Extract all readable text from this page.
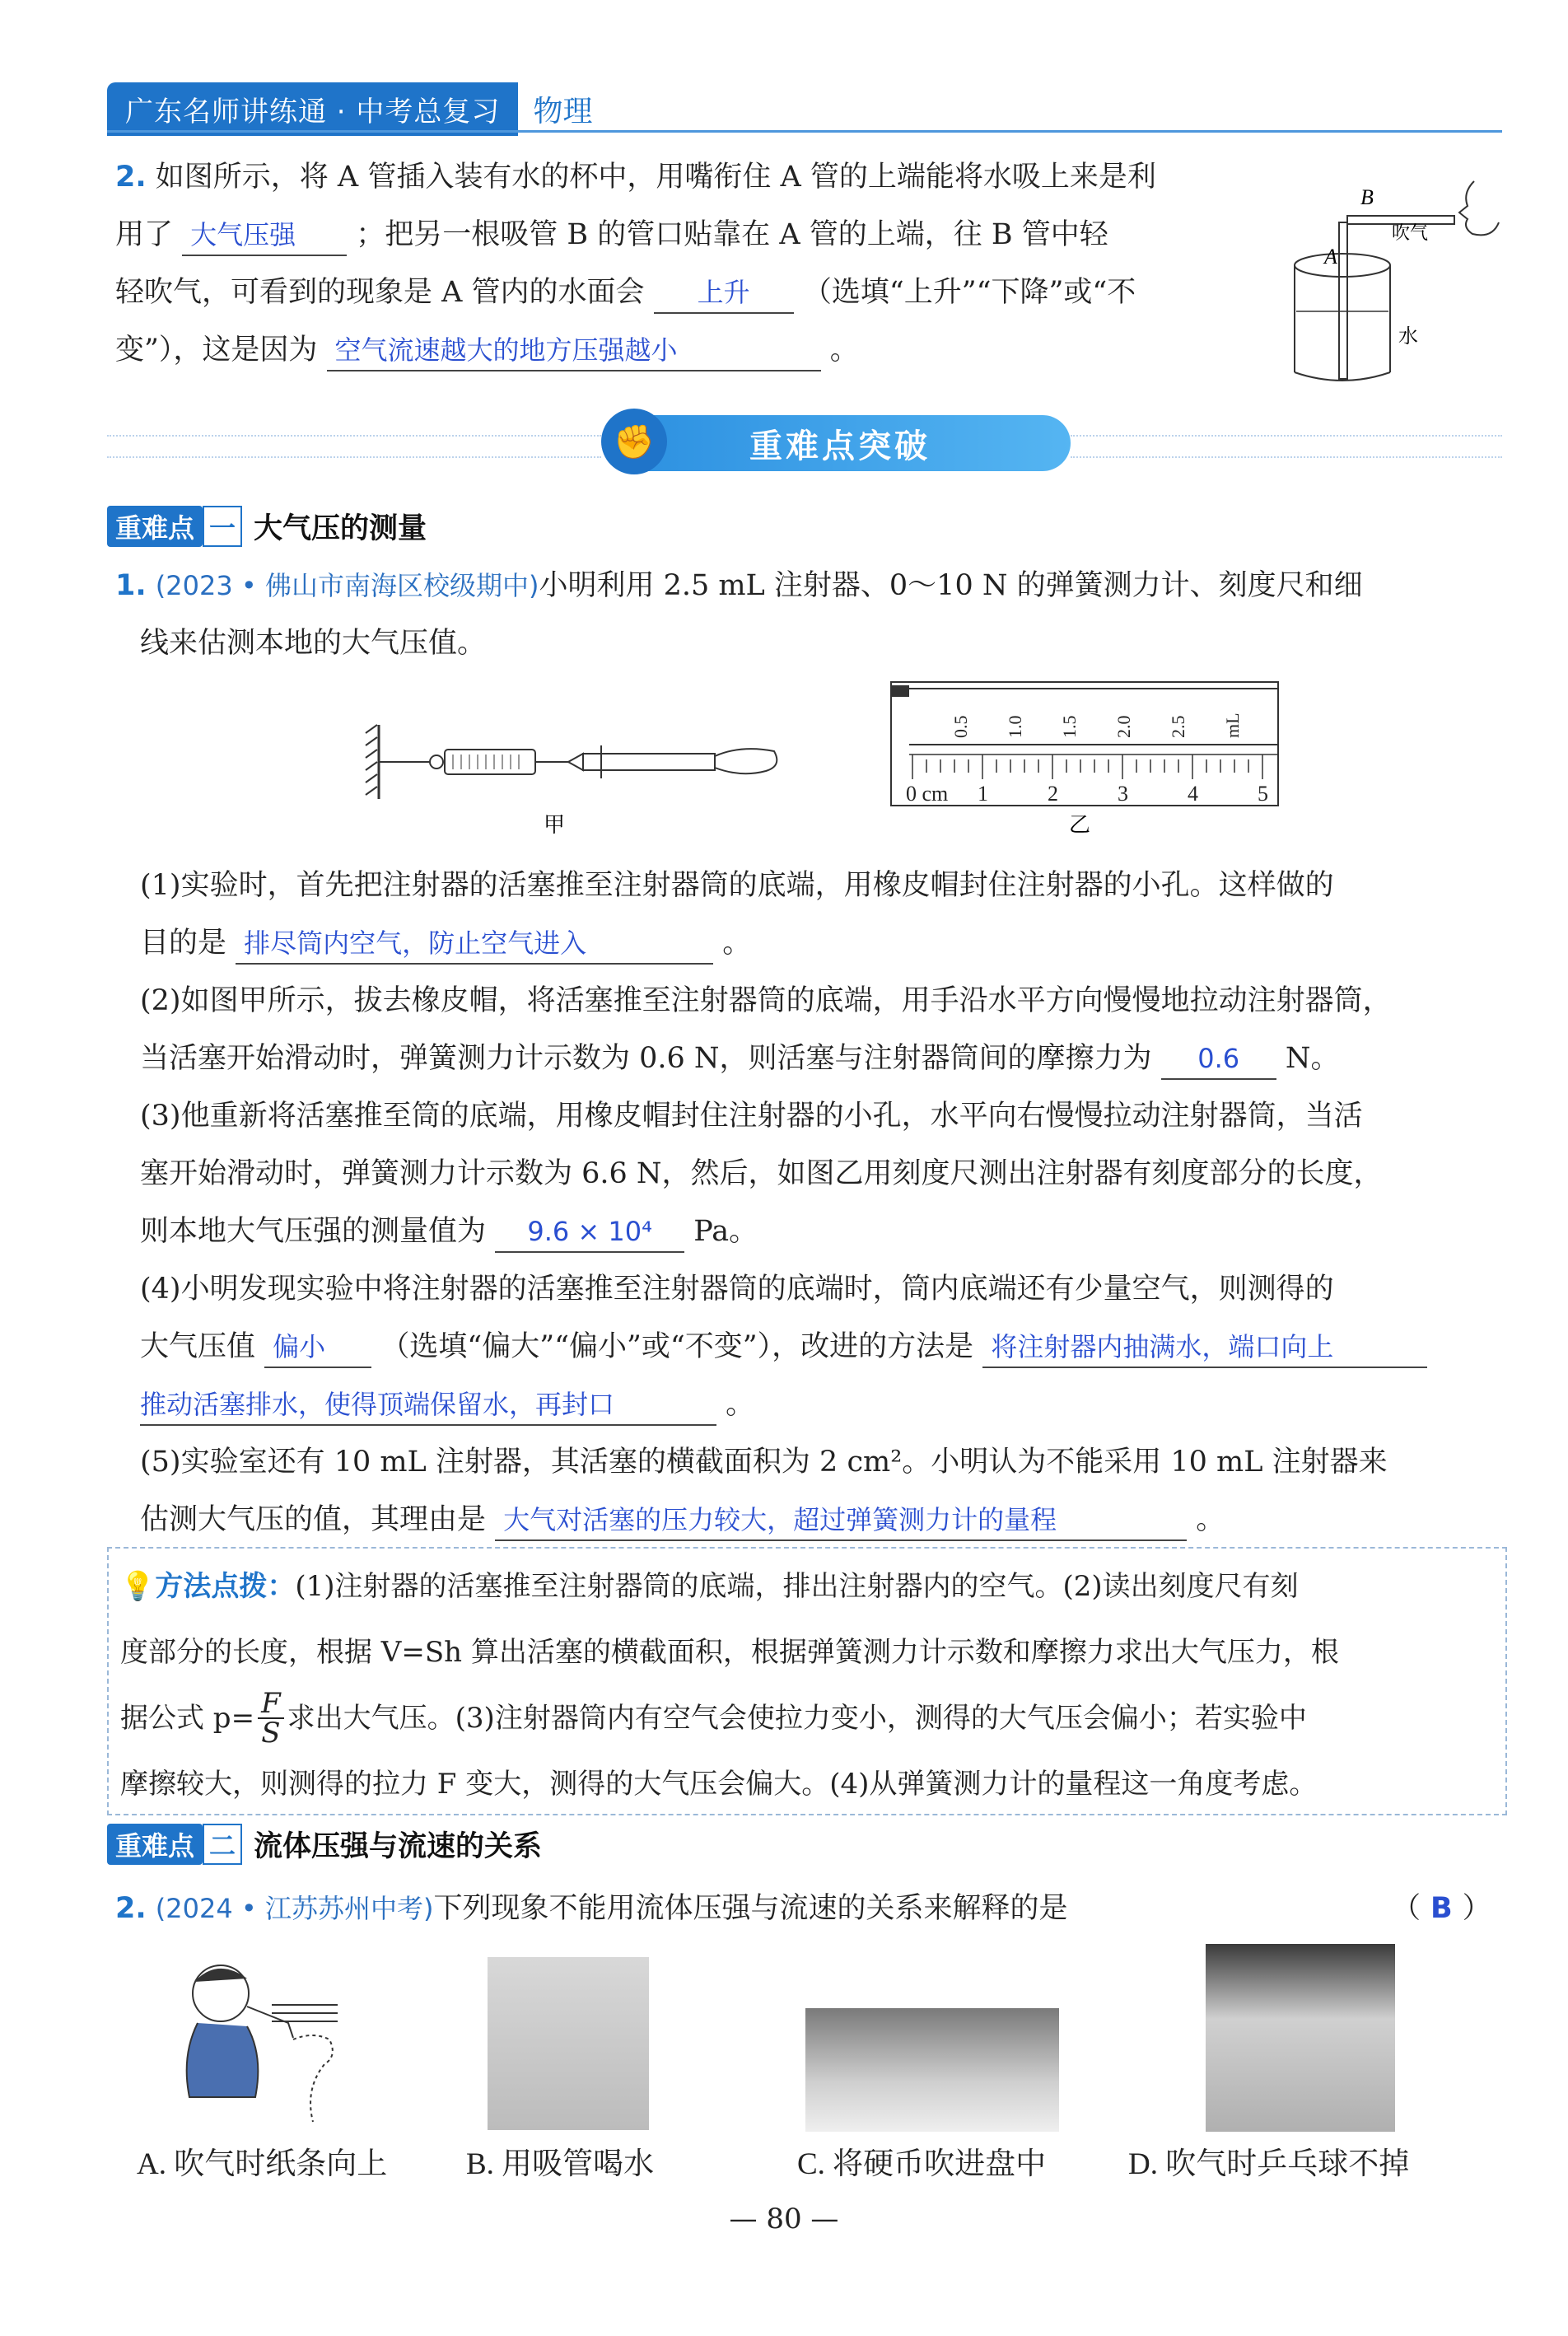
广东名师讲练通 · 中考总复习	物理
2. 如图所示，将 A 管插入装有水的杯中，用嘴衔住 A 管的上端能将水吸上来是利
用了 大气压强 ；把另一根吸管 B 的管口贴靠在 A 管的上端，往 B 管中轻
轻吹气，可看到的现象是 A 管内的水面会 上升 （选填“上升”“下降”或“不
变”），这是因为 空气流速越大的地方压强越小	。
B
A
吹气
水
重难点突破
✊
重难点 一 大气压的测量
1. (2023 • 佛山市南海区校级期中)小明利用 2.5 mL 注射器、0～10 N 的弹簧测力计、刻度尺和细
线来估测本地的大气压值。
甲
0.5 1.0 1.5 2.0 2.5 mL
0 cm 1	2	3	4	5
乙
(1)实验时，首先把注射器的活塞推至注射器筒的底端，用橡皮帽封住注射器的小孔。这样做的
目的是 排尽筒内空气，防止空气进入	。
(2)如图甲所示，拔去橡皮帽，将活塞推至注射器筒的底端，用手沿水平方向慢慢地拉动注射器筒，
当活塞开始滑动时，弹簧测力计示数为 0.6 N，则活塞与注射器筒间的摩擦力为 0.6 N。
(3)他重新将活塞推至筒的底端，用橡皮帽封住注射器的小孔，水平向右慢慢拉动注射器筒，当活
塞开始滑动时，弹簧测力计示数为 6.6 N，然后，如图乙用刻度尺测出注射器有刻度部分的长度，
则本地大气压强的测量值为 9.6 × 10⁴ Pa。
(4)小明发现实验中将注射器的活塞推至注射器筒的底端时，筒内底端还有少量空气，则测得的
大气压值 偏小 （选填“偏大”“偏小”或“不变”），改进的方法是 将注射器内抽满水，端口向上
推动活塞排水，使得顶端保留水，再封口	。
(5)实验室还有 10 mL 注射器，其活塞的横截面积为 2 cm²。小明认为不能采用 10 mL 注射器来
估测大气压的值，其理由是 大气对活塞的压力较大，超过弹簧测力计的量程	。
💡方法点拨：(1)注射器的活塞推至注射器筒的底端，排出注射器内的空气。(2)读出刻度尺有刻
度部分的长度，根据 V=Sh 算出活塞的横截面积，根据弹簧测力计示数和摩擦力求出大气压力，根
据公式 $p= \frac{F}{S}$ 求出大气压。(3)注射器筒内有空气会使拉力变小，测得的大气压会偏小；若实验中
摩擦较大，则测得的拉力 F 变大，测得的大气压会偏大。(4)从弹簧测力计的量程这一角度考虑。
重难点 二 流体压强与流速的关系
2. (2024 • 江苏苏州中考)下列现象不能用流体压强与流速的关系来解释的是	（ B ）
A. 吹气时纸条向上	B. 用吸管喝水	C. 将硬币吹进盘中	D. 吹气时乒乓球不掉
— 80 —
